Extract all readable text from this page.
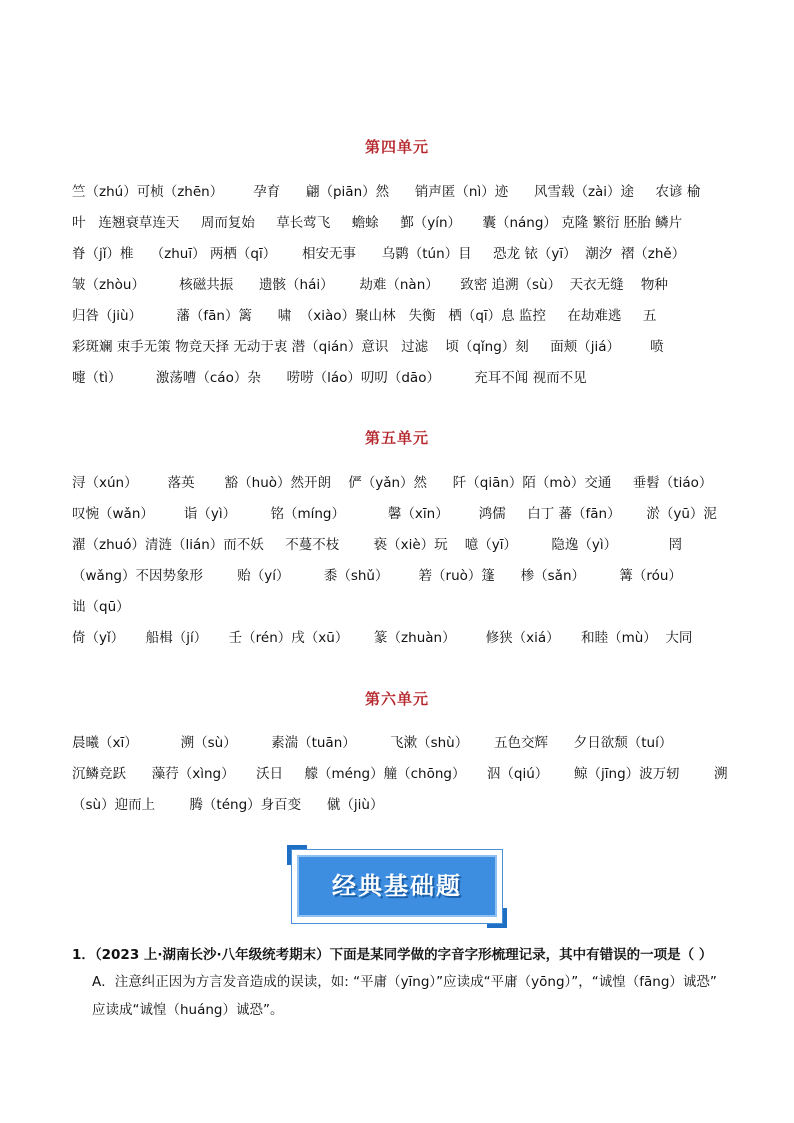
第四单元
竺（zhú）可桢（zhēn）       孕育      翩（piān）然      销声匿（nì）迹      风雪载（zài）途     农谚 榆
叶   连翘衰草连天     周而复始     草长莺飞     蟾蜍     鄞（yín）     囊（náng） 克隆 繁衍 胚胎 鳞片
脊（jǐ）椎    （zhuī） 两栖（qī）      相安无事      乌鹮（tún）目     恐龙 铱（yī）  潮汐  褶（zhě）
皱（zhòu）        核磁共振      遗骸（hái）      劫难（nàn）     致密 追溯（sù）  天衣无缝    物种
归咎（jiù）        藩（fān）篱      啸  （xiào）聚山林   失衡   栖（qī）息 监控     在劫难逃     五
彩斑斓 束手无策 物竞天择 无动于衷 潜（qián）意识   过滤    顷（qǐng）刻     面颊（jiá）       喷
嚏（tì）        激荡嘈（cáo）杂      唠唠（láo）叨叨（dāo）        充耳不闻 视而不见
第五单元
浔（xún）       落英       豁（huò）然开朗    俨（yǎn）然      阡（qiān）陌（mò）交通     垂髫（tiáo）
叹惋（wǎn）       诣（yì）        铭（míng）          馨（xīn）       鸿儒     白丁 蕃（fān）      淤（yū）泥
濯（zhuó）清涟（lián）而不妖     不蔓不枝        亵（xiè）玩    噫（yī）        隐逸（yì）            罔
（wǎng）不因势象形        贻（yí）        黍（shǔ）       箬（ruò）篷      椮（sǎn）        篝（róu）
诎（qū）
倚（yǐ）     船楫（jí）     壬（rén）戌（xū）      篆（zhuàn）       修狭（xiá）     和睦（mù）  大同
第六单元
晨曦（xī）          溯（sù）        素湍（tuān）        飞漱（shù）      五色交辉      夕日欲颓（tuí）
沉鳞竞跃      藻荇（xìng）     沃日     艨（méng）艟（chōng）     泅（qiú）      鲸（jīng）波万轫        溯
（sù）迎而上        腾（téng）身百变      僦（jiù）
经典基础题
1．（2023 上·湖南长沙·八年级统考期末）下面是某同学做的字音字形梳理记录，其中有错误的一项是（ ）
A．注意纠正因为方言发音造成的误读，如: “平庸（yīng）”应读成“平庸（yōng）”，“诚惶（fāng）诚恐”
应读成“诚惶（huáng）诚恐”。
